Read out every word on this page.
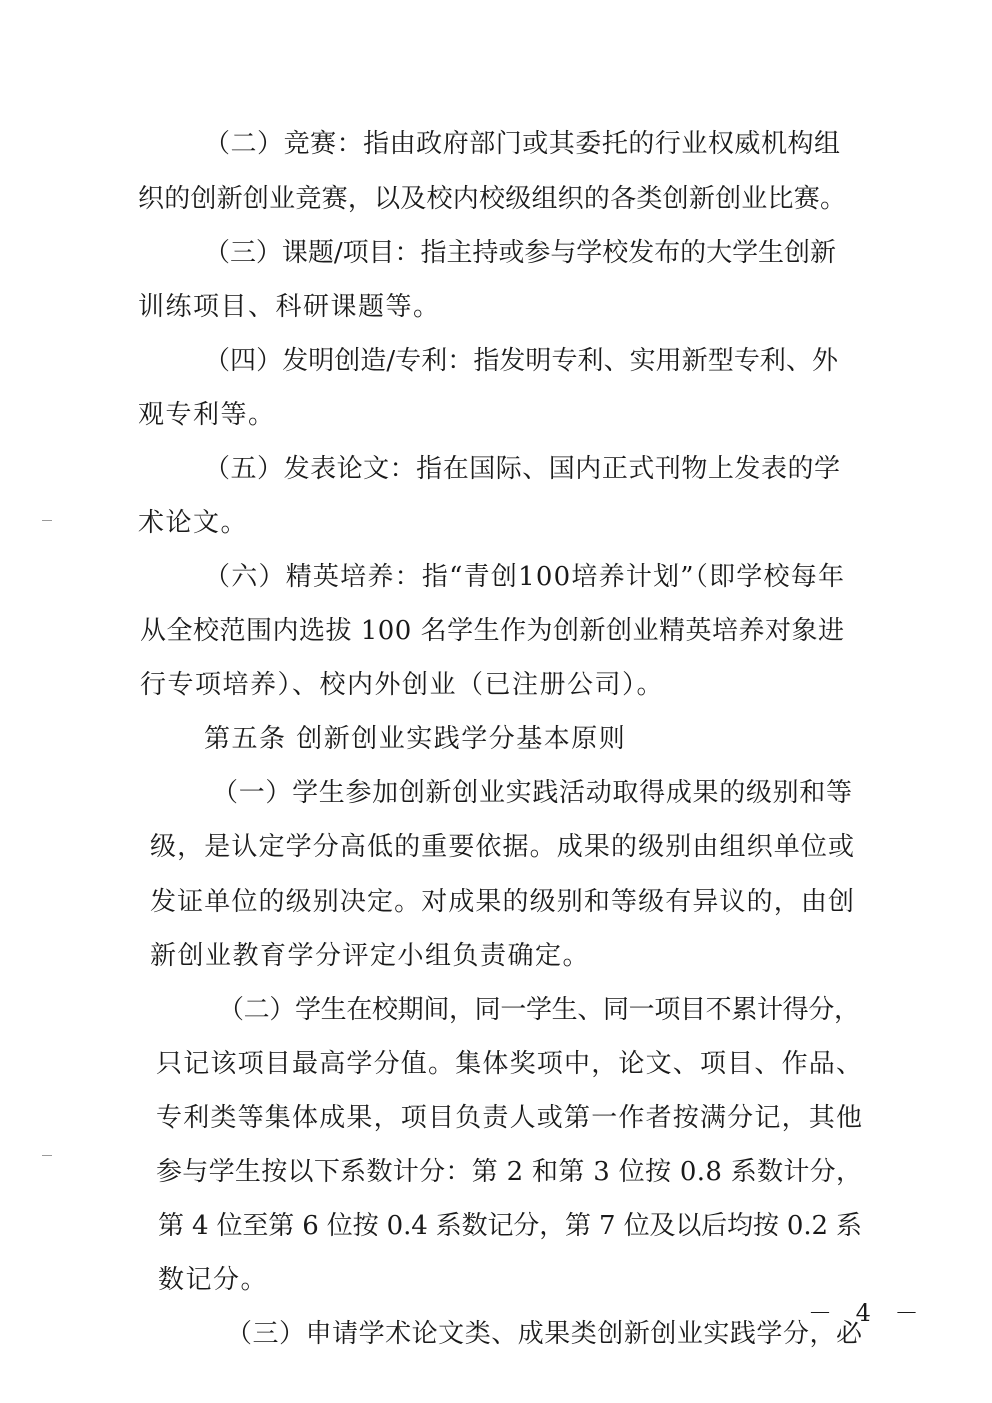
（二）竞赛：指由政府部门或其委托的行业权威机构组
织的创新创业竞赛，以及校内校级组织的各类创新创业比赛。
（三）课题/项目：指主持或参与学校发布的大学生创新
训练项目、科研课题等。
（四）发明创造/专利：指发明专利、实用新型专利、外
观专利等。
（五）发表论文：指在国际、国内正式刊物上发表的学
术论文。
（六）精英培养：指“青创100培养计划”（即学校每年
从全校范围内选拔 100 名学生作为创新创业精英培养对象进
行专项培养）、校内外创业（已注册公司）。
第五条 创新创业实践学分基本原则
（一）学生参加创新创业实践活动取得成果的级别和等
级，是认定学分高低的重要依据。成果的级别由组织单位或
发证单位的级别决定。对成果的级别和等级有异议的，由创
新创业教育学分评定小组负责确定。
（二）学生在校期间，同一学生、同一项目不累计得分，
只记该项目最高学分值。集体奖项中，论文、项目、作品、
专利类等集体成果，项目负责人或第一作者按满分记，其他
参与学生按以下系数计分：第 2 和第 3 位按 0.8 系数计分，
第 4 位至第 6 位按 0.4 系数记分，第 7 位及以后均按 0.2 系
数记分。
（三）申请学术论文类、成果类创新创业实践学分，必
－ 4 －
